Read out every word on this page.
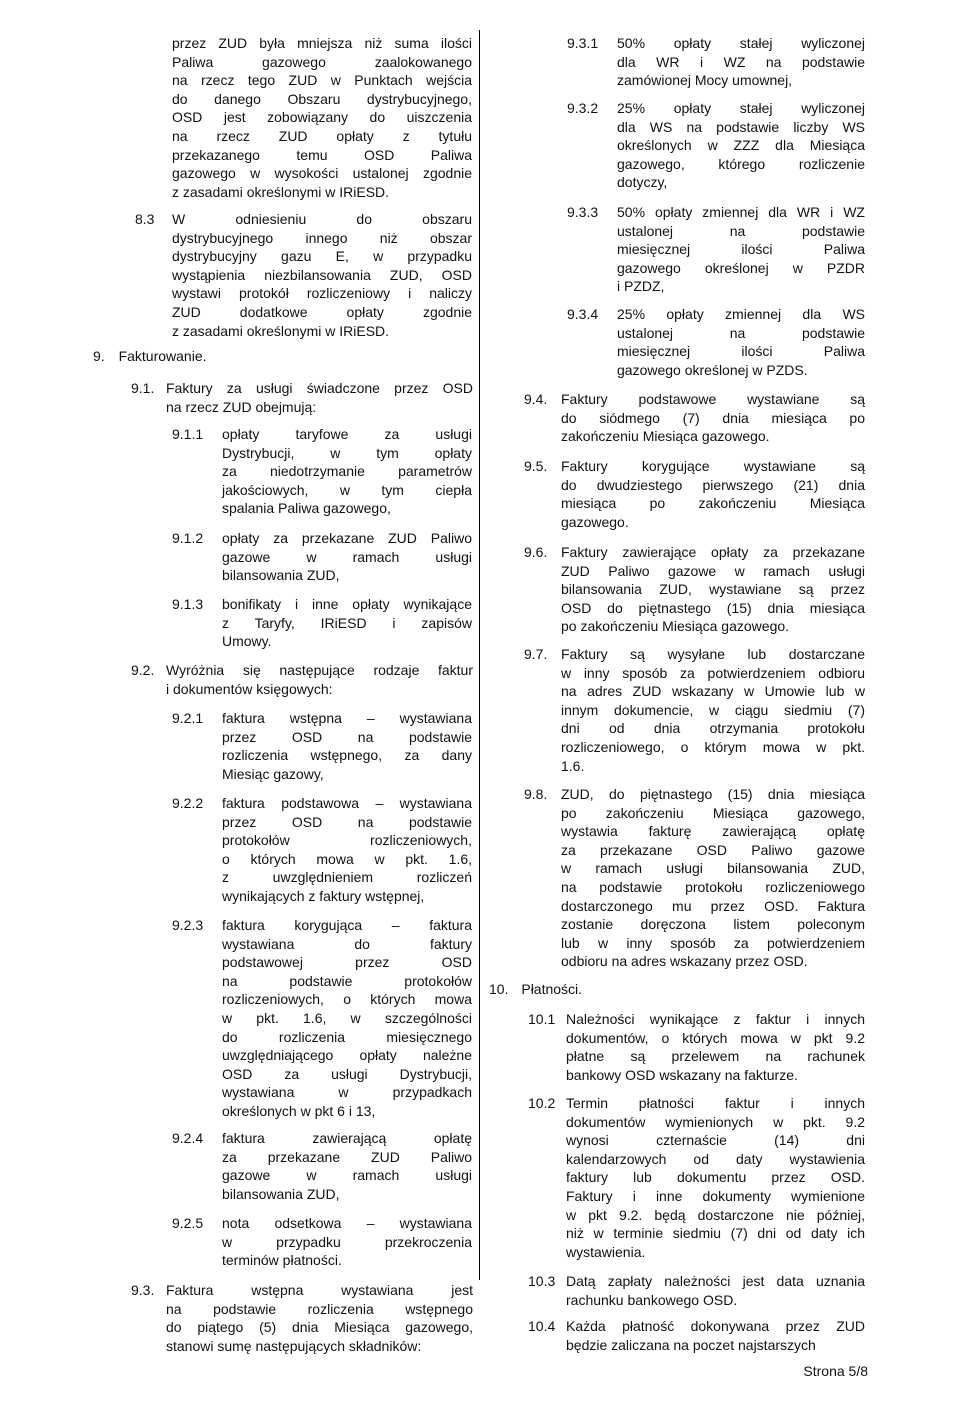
przez ZUD była mniejsza niż suma ilości
Paliwa gazowego zaalokowanego
na rzecz tego ZUD w Punktach wejścia
do danego Obszaru dystrybucyjnego,
OSD jest zobowiązany do uiszczenia
na rzecz ZUD opłaty z tytułu
przekazanego temu OSD Paliwa
gazowego w wysokości ustalonej zgodnie
z zasadami określonymi w IRiESD.
8.3 W odniesieniu do obszaru
dystrybucyjnego innego niż obszar
dystrybucyjny gazu E, w przypadku
wystąpienia niezbilansowania ZUD, OSD
wystawi protokół rozliczeniowy i naliczy
ZUD dodatkowe opłaty zgodnie
z zasadami określonymi w IRiESD.
9. Fakturowanie.
9.1. Faktury za usługi świadczone przez OSD
na rzecz ZUD obejmują:
9.1.1 opłaty taryfowe za usługi
Dystrybucji, w tym opłaty
za niedotrzymanie parametrów
jakościowych, w tym ciepła
spalania Paliwa gazowego,
9.1.2 opłaty za przekazane ZUD Paliwo
gazowe w ramach usługi
bilansowania ZUD,
9.1.3 bonifikaty i inne opłaty wynikające
z Taryfy, IRiESD i zapisów
Umowy.
9.2. Wyróżnia się następujące rodzaje faktur
i dokumentów księgowych:
9.2.1 faktura wstępna – wystawiana
przez OSD na podstawie
rozliczenia wstępnego, za dany
Miesiąc gazowy,
9.2.2 faktura podstawowa – wystawiana
przez OSD na podstawie
protokołów rozliczeniowych,
o których mowa w pkt. 1.6,
z uwzględnieniem rozliczeń
wynikających z faktury wstępnej,
9.2.3 faktura korygująca – faktura
wystawiana do faktury
podstawowej przez OSD
na podstawie protokołów
rozliczeniowych, o których mowa
w pkt. 1.6, w szczególności
do rozliczenia miesięcznego
uwzględniającego opłaty należne
OSD za usługi Dystrybucji,
wystawiana w przypadkach
określonych w pkt 6 i 13,
9.2.4 faktura zawierającą opłatę
za przekazane ZUD Paliwo
gazowe w ramach usługi
bilansowania ZUD,
9.2.5 nota odsetkowa – wystawiana
w przypadku przekroczenia
terminów płatności.
9.3. Faktura wstępna wystawiana jest
na podstawie rozliczenia wstępnego
do piątego (5) dnia Miesiąca gazowego,
stanowi sumę następujących składników:
9.3.1 50% opłaty stałej wyliczonej
dla WR i WZ na podstawie
zamówionej Mocy umownej,
9.3.2 25% opłaty stałej wyliczonej
dla WS na podstawie liczby WS
określonych w ZZZ dla Miesiąca
gazowego, którego rozliczenie
dotyczy,
9.3.3 50% opłaty zmiennej dla WR i WZ
ustalonej na podstawie
miesięcznej ilości Paliwa
gazowego określonej w PZDR
i PZDZ,
9.3.4 25% opłaty zmiennej dla WS
ustalonej na podstawie
miesięcznej ilości Paliwa
gazowego określonej w PZDS.
9.4. Faktury podstawowe wystawiane są
do siódmego (7) dnia miesiąca po
zakończeniu Miesiąca gazowego.
9.5. Faktury korygujące wystawiane są
do dwudziestego pierwszego (21) dnia
miesiąca po zakończeniu Miesiąca
gazowego.
9.6. Faktury zawierające opłaty za przekazane
ZUD Paliwo gazowe w ramach usługi
bilansowania ZUD, wystawiane są przez
OSD do piętnastego (15) dnia miesiąca
po zakończeniu Miesiąca gazowego.
9.7. Faktury są wysyłane lub dostarczane
w inny sposób za potwierdzeniem odbioru
na adres ZUD wskazany w Umowie lub w
innym dokumencie, w ciągu siedmiu (7)
dni od dnia otrzymania protokołu
rozliczeniowego, o którym mowa w pkt.
1.6.
9.8. ZUD, do piętnastego (15) dnia miesiąca
po zakończeniu Miesiąca gazowego,
wystawia fakturę zawierającą opłatę
za przekazane OSD Paliwo gazowe
w ramach usługi bilansowania ZUD,
na podstawie protokołu rozliczeniowego
dostarczonego mu przez OSD. Faktura
zostanie doręczona listem poleconym
lub w inny sposób za potwierdzeniem
odbioru na adres wskazany przez OSD.
10. Płatności.
10.1 Należności wynikające z faktur i innych
dokumentów, o których mowa w pkt 9.2
płatne są przelewem na rachunek
bankowy OSD wskazany na fakturze.
10.2 Termin płatności faktur i innych
dokumentów wymienionych w pkt. 9.2
wynosi czternaście (14) dni
kalendarzowych od daty wystawienia
faktury lub dokumentu przez OSD.
Faktury i inne dokumenty wymienione
w pkt 9.2. będą dostarczone nie później,
niż w terminie siedmiu (7) dni od daty ich
wystawienia.
10.3 Datą zapłaty należności jest data uznania
rachunku bankowego OSD.
10.4 Każda płatność dokonywana przez ZUD
będzie zaliczana na poczet najstarszych
Strona 5/8
